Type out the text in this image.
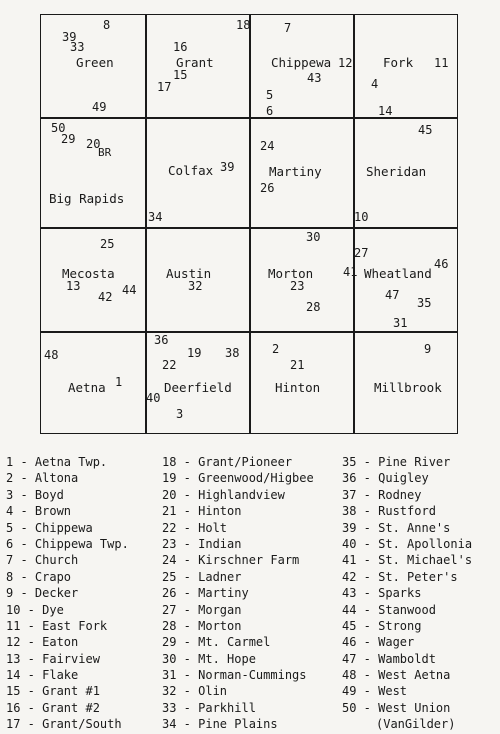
Green	Grant	Chippewa	Fork
Big Rapids
Colfax	Martiny	Sheridan
Mecosta	Austin	Morton	Wheatland
Aetna	Deerfield	Hinton	Millbrook
BR
39
8
33
49
18
16
15
17
7
12
43
5
6
11
4
14
50
29 20
45
24
39
26
34	10
25
13
42 44	32
30
23
28
27
41
46
47
35
31
48
1
36
19
22
38
40
3
2
21
9
1 - Aetna Twp.
2 - Altona
3 - Boyd
4 - Brown
5 - Chippewa
6 - Chippewa Twp.
7 - Church
8 - Crapo
9 - Decker
10 - Dye
11 - East Fork
12 - Eaton
13 - Fairview
14 - Flake
15 - Grant #1
16 - Grant #2
17 - Grant/South
18 - Grant/Pioneer
19 - Greenwood/Higbee
20 - Highlandview
21 - Hinton
22 - Holt
23 - Indian
24 - Kirschner Farm
25 - Ladner
26 - Martiny
27 - Morgan
28 - Morton
29 - Mt. Carmel
30 - Mt. Hope
31 - Norman-Cummings
32 - Olin
33 - Parkhill
34 - Pine Plains
35 - Pine River
36 - Quigley
37 - Rodney
38 - Rustford
39 - St. Anne's
40 - St. Apollonia
41 - St. Michael's
42 - St. Peter's
43 - Sparks
44 - Stanwood
45 - Strong
46 - Wager
47 - Wamboldt
48 - West Aetna
49 - West
50 - West Union
(VanGilder)
